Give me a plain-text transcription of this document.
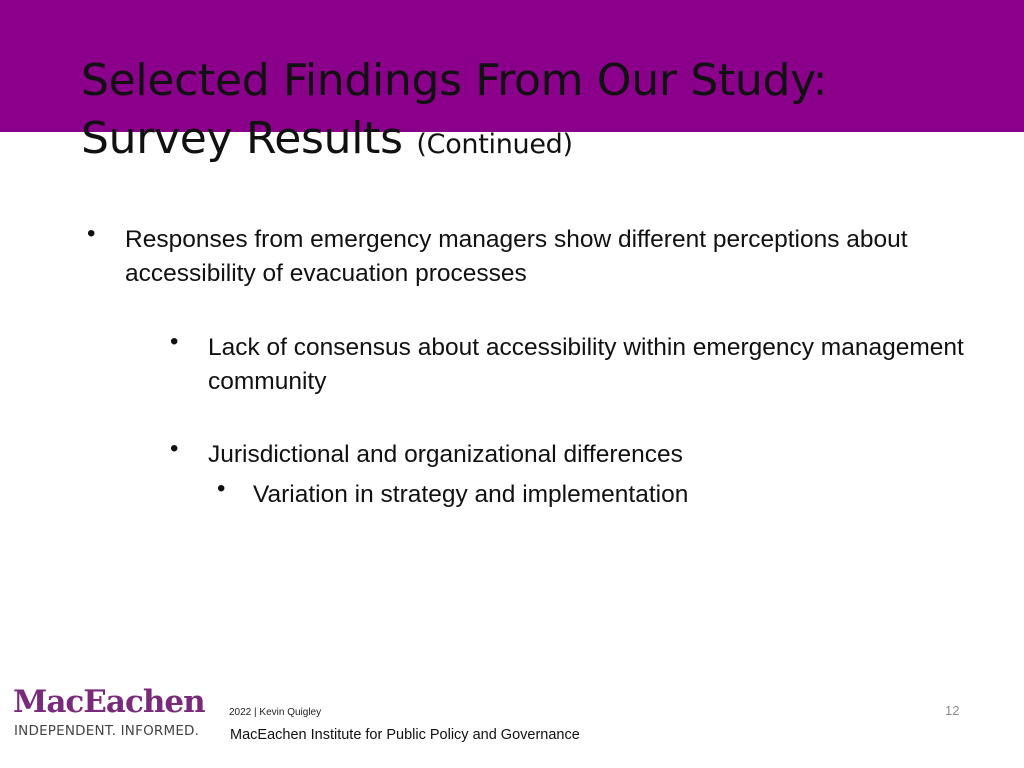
Selected Findings From Our Study:
Survey Results (Continued)
• Responses from emergency managers show different perceptions about accessibility of evacuation processes
• Lack of consensus about accessibility within emergency management community
• Jurisdictional and organizational differences
• Variation in strategy and implementation
MacEachen
INDEPENDENT. INFORMED.
2022 | Kevin Quigley
MacEachen Institute for Public Policy and Governance
12
